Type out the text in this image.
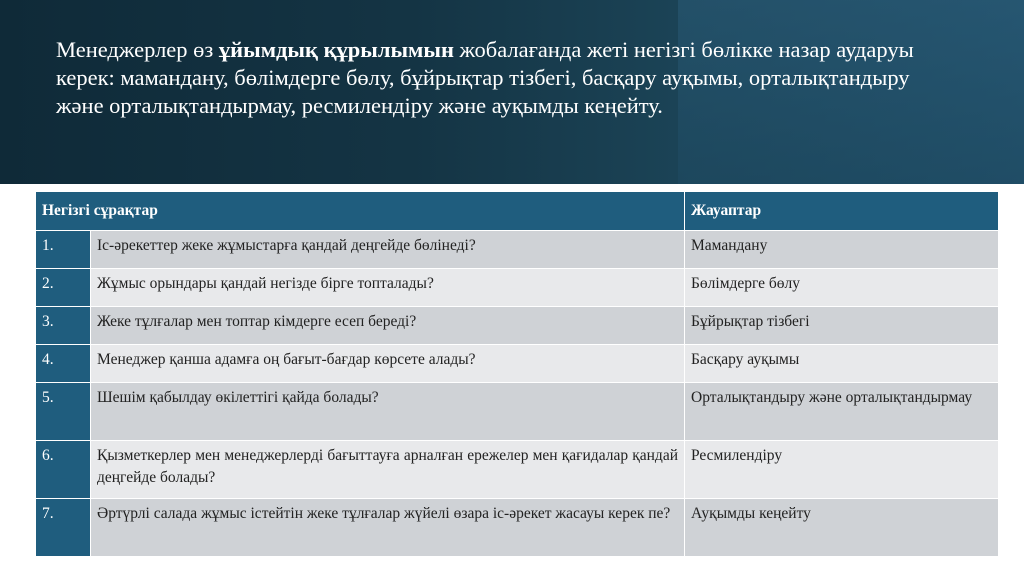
Менеджерлер өз ұйымдық құрылымын жобалағанда жеті негізгі бөлікке назар аударуы керек: мамандану, бөлімдерге бөлу, бұйрықтар тізбегі, басқару ауқымы, орталықтандыру және орталықтандырмау, ресмилендіру және ауқымды кеңейту.

Негізгі сұрақтар		Жауаптар
1.	Іс-әрекеттер жеке жұмыстарға қандай деңгейде бөлінеді?	Мамандану
2.	Жұмыс орындары қандай негізде бірге топталады?	Бөлімдерге бөлу
3.	Жеке тұлғалар мен топтар кімдерге есеп береді?	Бұйрықтар тізбегі
4.	Менеджер қанша адамға оң бағыт-бағдар көрсете алады?	Басқару ауқымы
5.	Шешім қабылдау өкілеттігі қайда болады?	Орталықтандыру және орталықтандырмау
6.	Қызметкерлер мен менеджерлерді бағыттауға арналған ережелер мен қағидалар қандай деңгейде болады?	Ресмилендіру
7.	Әртүрлі салада жұмыс істейтін жеке тұлғалар жүйелі өзара іс-әрекет жасауы керек пе?	Ауқымды кеңейту
